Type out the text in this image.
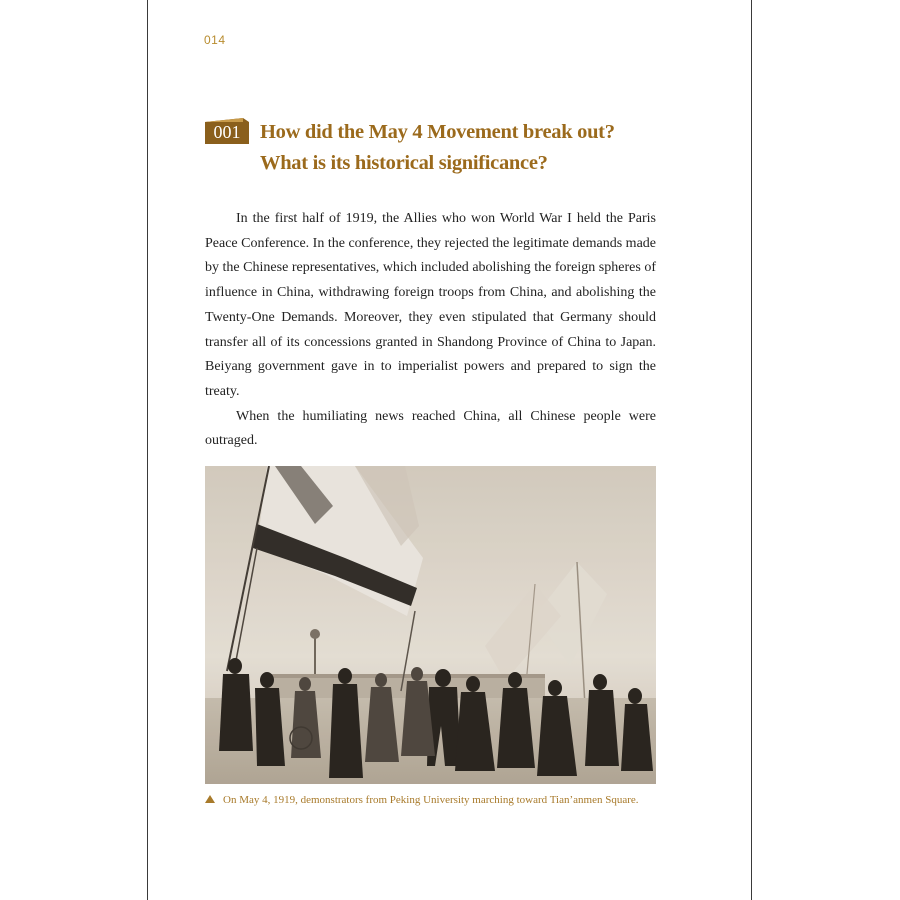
014
001 How did the May 4 Movement break out?
What is its historical significance?

In the first half of 1919, the Allies who won World War I held the Paris Peace Conference. In the conference, they rejected the legitimate demands made by the Chinese representatives, which included abolishing the foreign spheres of influence in China, withdrawing foreign troops from China, and abolishing the Twenty-One Demands. Moreover, they even stipulated that Germany should transfer all of its concessions granted in Shandong Province of China to Japan. Beiyang government gave in to imperialist powers and prepared to sign the treaty.

When the humiliating news reached China, all Chinese people were outraged.

On May 4, 1919, demonstrators from Peking University marching toward Tian’anmen Square.
